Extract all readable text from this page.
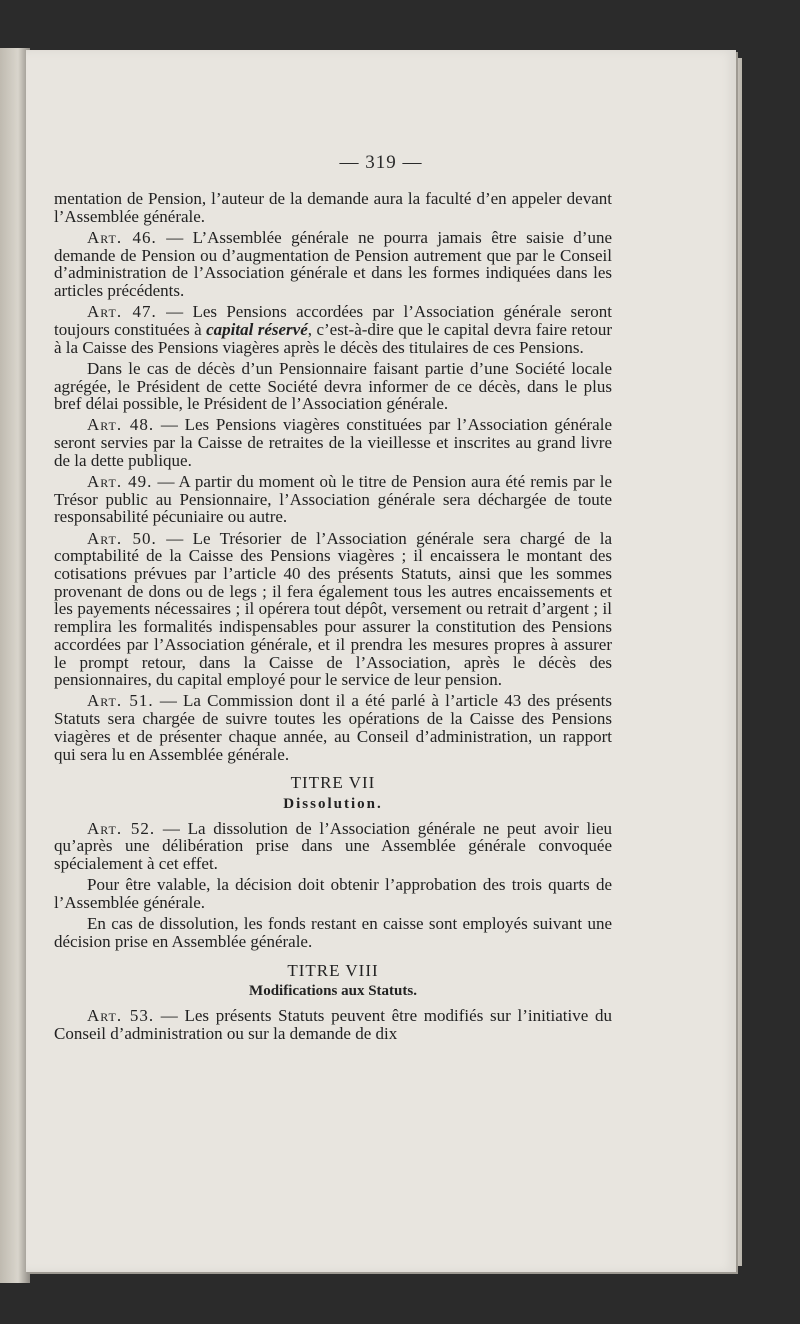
— 319 —

mentation de Pension, l’auteur de la demande aura la faculté d’en appeler devant l’Assemblée générale.

Art. 46. — L’Assemblée générale ne pourra jamais être saisie d’une demande de Pension ou d’augmentation de Pension autrement que par le Conseil d’administration de l’Association générale et dans les formes indiquées dans les articles précédents.

Art. 47. — Les Pensions accordées par l’Association générale seront toujours constituées à capital réservé, c’est-à-dire que le capital devra faire retour à la Caisse des Pensions viagères après le décès des titulaires de ces Pensions.

Dans le cas de décès d’un Pensionnaire faisant partie d’une Société locale agrégée, le Président de cette Société devra informer de ce décès, dans le plus bref délai possible, le Président de l’Association générale.

Art. 48. — Les Pensions viagères constituées par l’Association générale seront servies par la Caisse de retraites de la vieillesse et inscrites au grand livre de la dette publique.

Art. 49. — A partir du moment où le titre de Pension aura été remis par le Trésor public au Pensionnaire, l’Association générale sera déchargée de toute responsabilité pécuniaire ou autre.

Art. 50. — Le Trésorier de l’Association générale sera chargé de la comptabilité de la Caisse des Pensions viagères ; il encaissera le montant des cotisations prévues par l’article 40 des présents Statuts, ainsi que les sommes provenant de dons ou de legs ; il fera également tous les autres encaissements et les payements nécessaires ; il opérera tout dépôt, versement ou retrait d’argent ; il remplira les formalités indispensables pour assurer la constitution des Pensions accordées par l’Association générale, et il prendra les mesures propres à assurer le prompt retour, dans la Caisse de l’Association, après le décès des pensionnaires, du capital employé pour le service de leur pension.

Art. 51. — La Commission dont il a été parlé à l’article 43 des présents Statuts sera chargée de suivre toutes les opérations de la Caisse des Pensions viagères et de présenter chaque année, au Conseil d’administration, un rapport qui sera lu en Assemblée générale.

TITRE VII

Dissolution.

Art. 52. — La dissolution de l’Association générale ne peut avoir lieu qu’après une délibération prise dans une Assemblée générale convoquée spécialement à cet effet.

Pour être valable, la décision doit obtenir l’approbation des trois quarts de l’Assemblée générale.

En cas de dissolution, les fonds restant en caisse sont employés suivant une décision prise en Assemblée générale.

TITRE VIII

Modifications aux Statuts.

Art. 53. — Les présents Statuts peuvent être modifiés sur l’initiative du Conseil d’administration ou sur la demande de dix
